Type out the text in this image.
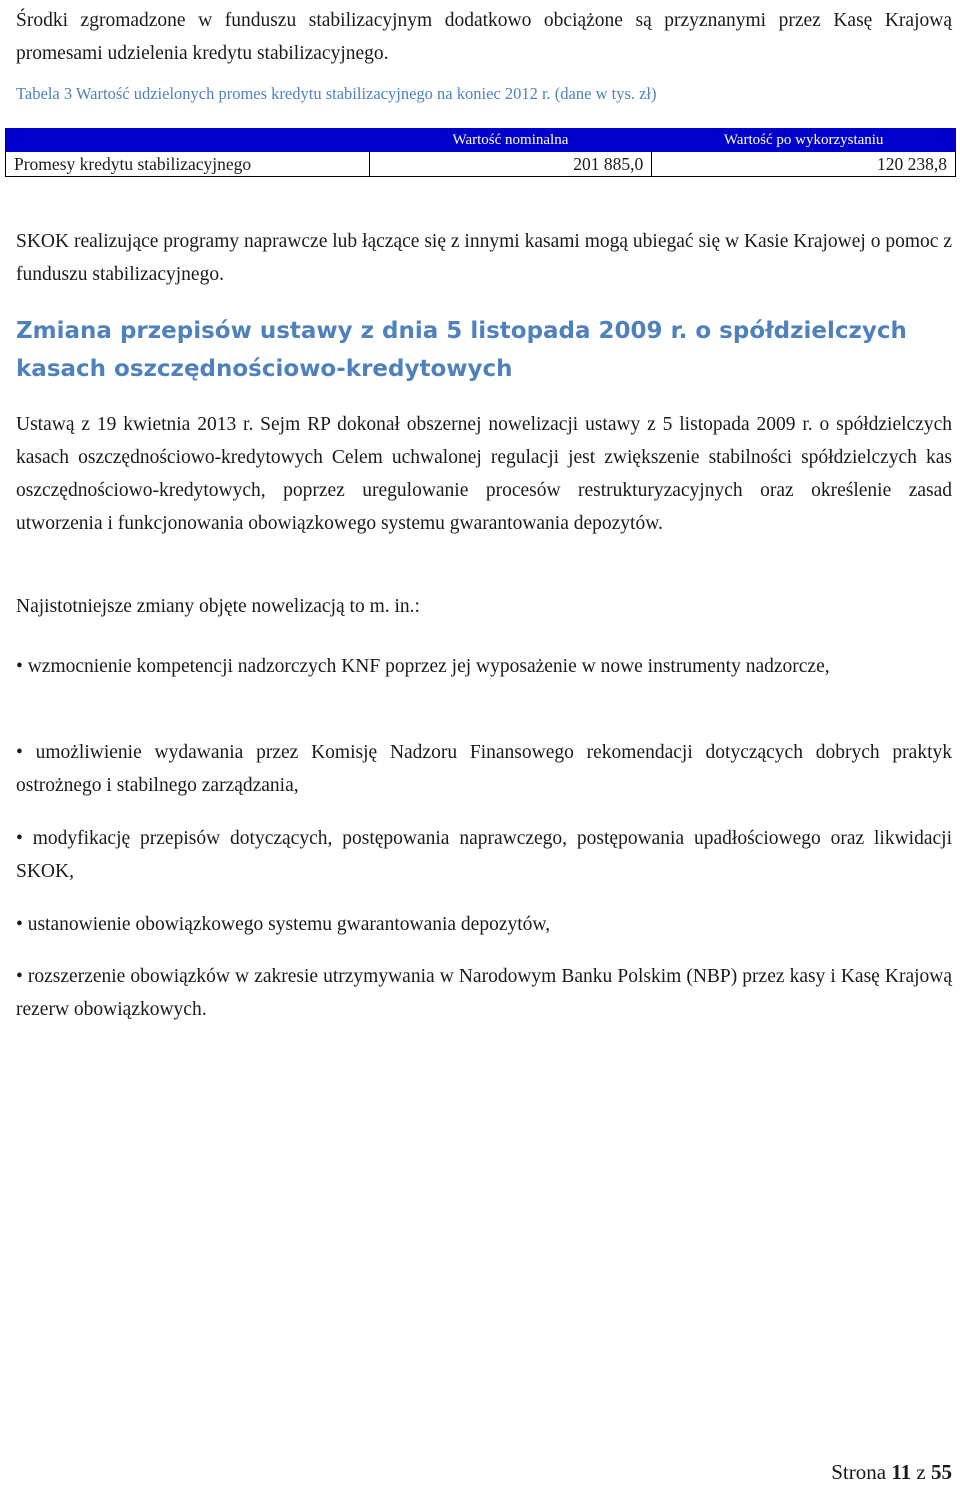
Środki zgromadzone w funduszu stabilizacyjnym dodatkowo obciążone są przyznanymi przez Kasę Krajową promesami udzielenia kredytu stabilizacyjnego.

Tabela 3 Wartość udzielonych promes kredytu stabilizacyjnego na koniec 2012 r. (dane w tys. zł)
	Wartość nominalna	Wartość po wykorzystaniu
Promesy kredytu stabilizacyjnego	201 885,0	120 238,8

SKOK realizujące programy naprawcze lub łączące się z innymi kasami mogą ubiegać się w Kasie Krajowej o pomoc z funduszu stabilizacyjnego.

Zmiana przepisów ustawy z dnia 5 listopada 2009 r. o spółdzielczych kasach oszczędnościowo-kredytowych

Ustawą z 19 kwietnia 2013 r. Sejm RP dokonał obszernej nowelizacji ustawy z 5 listopada 2009 r. o spółdzielczych kasach oszczędnościowo-kredytowych Celem uchwalonej regulacji jest zwiększenie stabilności spółdzielczych kas oszczędnościowo-kredytowych, poprzez uregulowanie procesów restrukturyzacyjnych oraz określenie zasad utworzenia i funkcjonowania obowiązkowego systemu gwarantowania depozytów.

Najistotniejsze zmiany objęte nowelizacją to m. in.:

• wzmocnienie kompetencji nadzorczych KNF poprzez jej wyposażenie w nowe instrumenty nadzorcze,

• umożliwienie wydawania przez Komisję Nadzoru Finansowego rekomendacji dotyczących dobrych praktyk ostrożnego i stabilnego zarządzania,

• modyfikację przepisów dotyczących, postępowania naprawczego, postępowania upadłościowego oraz likwidacji SKOK,

• ustanowienie obowiązkowego systemu gwarantowania depozytów,

• rozszerzenie obowiązków w zakresie utrzymywania w Narodowym Banku Polskim (NBP) przez kasy i Kasę Krajową rezerw obowiązkowych.

Strona 11 z 55
